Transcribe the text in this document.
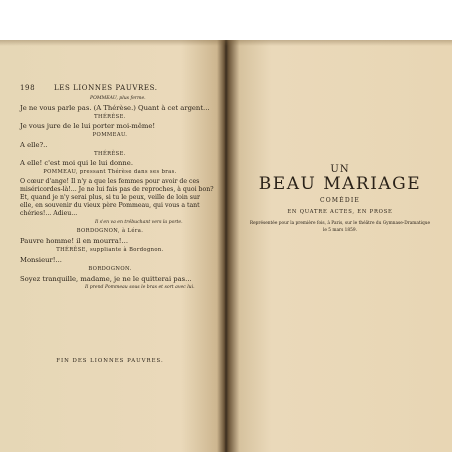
198	LES LIONNES PAUVRES.
POMMEAU, plus ferme.
Je ne vous parle pas. (A Thérèse.) Quant à cet argent...
THÉRÈSE.
Je vous jure de le lui porter moi-même!
POMMEAU.
A elle?..
THÉRÈSE.
A elle! c'est moi qui le lui donne.
POMMEAU, pressant Thérèse dans ses bras.
O cœur d'ange! Il n'y a que les femmes pour avoir de ces
miséricordes-là!... Je ne lui fais pas de reproches, à quoi bon?
Et, quand je n'y serai plus, si tu le peux, veille de loin sur
elle, en souvenir du vieux père Pommeau, qui vous a tant
chéries!... Adieu...
Il s'en va en trébuchant vers la porte.
BORDOGNON, à Léra.
Pauvre homme! il en mourra!...
THÉRÈSE, suppliante à Bordognon.
Monsieur!...
BORDOGNON.
Soyez tranquille, madame, je ne le quitterai pas...
Il prend Pommeau sous le bras et sort avec lui.
FIN DES LIONNES PAUVRES.
UN
BEAU MARIAGE
COMÉDIE
EN QUATRE ACTES, EN PROSE
Représentée pour la première fois, à Paris, sur le théâtre du Gymnase-Dramatique
le 5 mars 1859.
